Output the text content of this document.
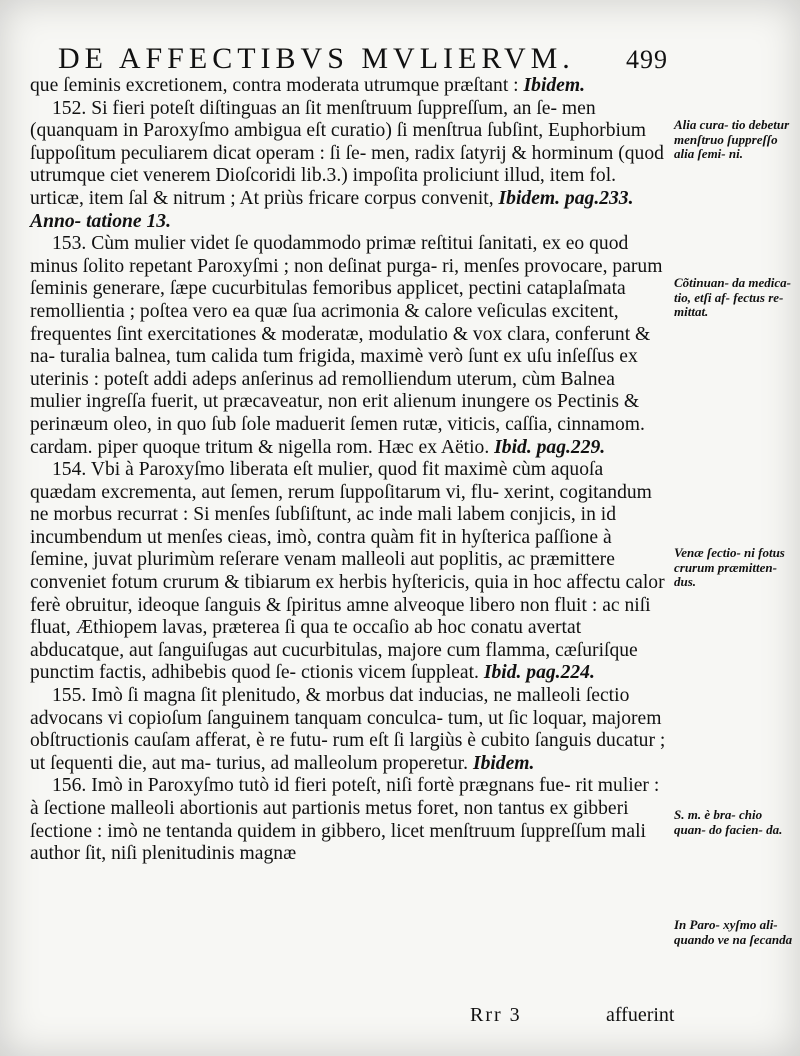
DE AFFECTIBVS MVLIERVM. 499

que ſeminis excretionem, contra moderata utrumque præſtant : Ibidem.

152. Si fieri poteſt diſtinguas an ſit menſtruum ſuppreſſum, an ſe- men (quanquam in Paroxyſmo ambigua eſt curatio) ſi menſtrua ſubſint, Euphorbium ſuppoſitum peculiarem dicat operam : ſi ſe- men, radix ſatyrij & horminum (quod utrumque ciet venerem Dioſcoridi lib.3.) impoſita proliciunt illud, item fol. urticæ, item ſal & nitrum ; At priùs fricare corpus convenit, Ibidem. pag.233. Anno- tatione 13.

153. Cùm mulier videt ſe quodammodo primæ reſtitui ſanitati, ex eo quod minus ſolito repetant Paroxyſmi ; non deſinat purga- ri, menſes provocare, parum ſeminis generare, ſæpe cucurbitulas femoribus applicet, pectini cataplaſmata remollientia ; poſtea vero ea quæ ſua acrimonia & calore veſiculas excitent, frequentes ſint exercitationes & moderatæ, modulatio & vox clara, conferunt & na- turalia balnea, tum calida tum frigida, maximè verò ſunt ex uſu inſeſſus ex uterinis : poteſt addi adeps anſerinus ad remolliendum uterum, cùm Balnea mulier ingreſſa fuerit, ut præcaveatur, non erit alienum inungere os Pectinis & perinæum oleo, in quo ſub ſole maduerit ſemen rutæ, viticis, caſſia, cinnamom. cardam. piper quoque tritum & nigella rom. Hæc ex Aëtio. Ibid. pag.229.

154. Vbi à Paroxyſmo liberata eſt mulier, quod fit maximè cùm aquoſa quædam excrementa, aut ſemen, rerum ſuppoſitarum vi, flu- xerint, cogitandum ne morbus recurrat : Si menſes ſubſiſtunt, ac inde mali labem conjicis, in id incumbendum ut menſes cieas, imò, contra quàm fit in hyſterica paſſione à ſemine, juvat plurimùm reſerare venam malleoli aut poplitis, ac præmittere conveniet fotum crurum & tibiarum ex herbis hyſtericis, quia in hoc affectu calor ferè obruitur, ideoque ſanguis & ſpiritus amne alveoque libero non fluit : ac niſi fluat, Æthiopem lavas, præterea ſi qua te occaſio ab hoc conatu avertat abducatque, aut ſanguiſugas aut cucurbitulas, majore cum flamma, cæſuriſque punctim factis, adhibebis quod ſe- ctionis vicem ſuppleat. Ibid. pag.224.

155. Imò ſi magna ſit plenitudo, & morbus dat inducias, ne malleoli ſectio advocans vi copioſum ſanguinem tanquam conculca- tum, ut ſic loquar, majorem obſtructionis cauſam afferat, è re futu- rum eſt ſi largiùs è cubito ſanguis ducatur ; ut ſequenti die, aut ma- turius, ad malleolum properetur. Ibidem.

156. Imò in Paroxyſmo tutò id fieri poteſt, niſi fortè prægnans fue- rit mulier : à ſectione malleoli abortionis aut partionis metus foret, non tantus ex gibberi ſectione : imò ne tentanda quidem in gibbero, licet menſtruum ſuppreſſum mali author ſit, niſi plenitudinis magnæ

Alia cura- tio debetur menſtruo ſuppreſſo alia ſemi- ni.
Cõtinuan- da medica- tio, etſi af- fectus re- mittat.
Venæ ſectio- ni fotus crurum præmitten- dus.
S. m. è bra- chio quan- do facien- da.
In Paro- xyſmo ali- quando ve na ſecanda
Rrr 3	affuerint
